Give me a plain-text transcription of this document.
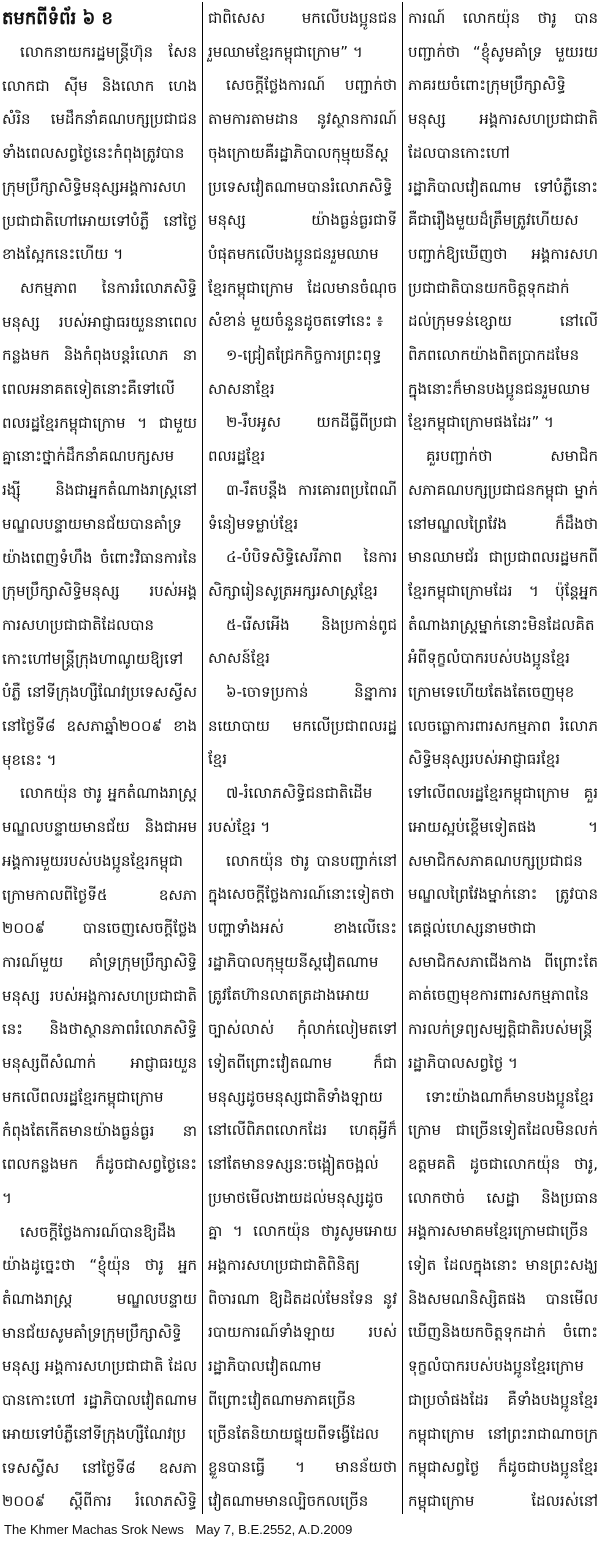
តមកពីទំព័រ ៦ ខ

លោកនាយករដ្ឋមន្ត្រីហ៊ុន សែន លោកជា ស៊ីម និងលោក ហេង សំរិន មេដឹកនាំគណបក្សប្រជាជនទាំងពេលសព្វថ្ងៃនេះកំពុងត្រូវបានក្រុមប្រឹក្សាសិទ្ធិមនុស្សអង្គការសហប្រជាជាតិហៅអោយទៅបំភ្លឺ នៅថ្ងៃខាងស្អែកនេះហើយ ។

សកម្មភាព នៃការរំលោភសិទ្ធិមនុស្ស របស់អាជ្ញាធរយួននាពេលកន្លងមក និងកំពុងបន្តរំលោភ នាពេលអនាគតទៀតនោះគឺទៅលើពលរដ្ឋខ្មែរកម្ពុជាក្រោម ។ ជាមួយគ្នានោះថ្នាក់ដឹកនាំគណបក្សសម រង្ស៊ី និងជាអ្នកតំណាងរាស្ត្រនៅមណ្ឌលបន្ទាយមានជ័យបានគាំទ្រយ៉ាងពេញទំហឹង ចំពោះវិធានការនៃក្រុមប្រឹក្សាសិទ្ធិមនុស្ស របស់អង្គការសហប្រជាជាតិដែលបានកោះហៅមន្ត្រីក្រុងហាណូយឱ្យទៅបំភ្លឺ នៅទីក្រុងហ្សឺណែវប្រទេសស្វីស នៅថ្ងៃទី៨ ឧសភាឆ្នាំ២០០៩ ខាងមុខនេះ ។

លោកយ៉ុន ថារូ អ្នកតំណាងរាស្ត្រ មណ្ឌលបន្ទាយមានជ័យ និងជាអមអង្គការមួយរបស់បងប្អូនខ្មែរកម្ពុជាក្រោមកាលពីថ្ងៃទី៥ ឧសភា ២០០៩ បានចេញសេចក្តីថ្លែងការណ៍មួយ គាំទ្រក្រុមប្រឹក្សាសិទ្ធិមនុស្ស របស់អង្គការសហប្រជាជាតិនេះ និងថាស្ថានភាពរំលោភសិទ្ធិមនុស្សពីសំណាក់ អាជ្ញាធរយួន មកលើពលរដ្ឋខ្មែរកម្ពុជាក្រោម កំពុងតែកើតមានយ៉ាងធ្ងន់ធ្ងរ នាពេលកន្លងមក ក៏ដូចជាសព្វថ្ងៃនេះ ។

សេចក្តីថ្លែងការណ៍បានឱ្យដឹងយ៉ាងដូច្នេះថា “ខ្ញុំយ៉ុន ថារូ អ្នកតំណាងរាស្ត្រ មណ្ឌលបន្ទាយមានជ័យសូមគាំទ្រក្រុមប្រឹក្សាសិទ្ធិមនុស្ស អង្គការសហប្រជាជាតិ ដែលបានកោះហៅ រដ្ឋាភិបាលវៀតណាម អោយទៅបំភ្លឺនៅទីក្រុងហ្សឺណែវប្រទេសស្វីស នៅថ្ងៃទី៨ ឧសភា ២០០៩ ស្តីពីការ រំលោភសិទ្ធិ

ជាពិសេស មកលើបងប្អូនជនរួមឈាមខ្មែរកម្ពុជាក្រោម” ។

សេចក្តីថ្លែងការណ៍ បញ្ជាក់ថា តាមការតាមដាន នូវស្ថានការណ៍ចុងក្រោយគឺរដ្ឋាភិបាលកុម្មុយនីស្ត ប្រទេសវៀតណាមបានរំលោភសិទ្ធិមនុស្ស យ៉ាងធ្ងន់ធ្ងរជាទីបំផុតមកលើបងប្អូនជនរួមឈាមខ្មែរកម្ពុជាក្រោម ដែលមានចំណុចសំខាន់ មួយចំនួនដូចតទៅនេះ ៖

១-ជ្រៀតជ្រែកកិច្ចការព្រះពុទ្ធសាសនាខ្មែរ

២-រឹបអូស យកដីធ្លីពីប្រជាពលរដ្ឋខ្មែរ

៣-រឹតបន្តឹង ការគោរពប្រពៃណី ទំនៀមទម្លាប់ខ្មែរ

៤-បំបិទសិទ្ធិសេរីភាព នៃការសិក្សារៀនសូត្រអក្សរសាស្ត្រខ្មែរ

៥-រើសអើង និងប្រកាន់ពូជសាសន៍ខ្មែរ

៦-ចោទប្រកាន់ និន្នាការនយោបាយ មកលើប្រជាពលរដ្ឋខ្មែរ

៧-រំលោភសិទ្ធិជនជាតិដើមរបស់ខ្មែរ ។

លោកយ៉ុន ថារូ បានបញ្ជាក់នៅក្នុងសេចក្តីថ្លែងការណ៍នោះទៀតថា បញ្ហាទាំងអស់ ខាងលើនេះ រដ្ឋាភិបាលកុម្មុយនីស្តវៀតណាមត្រូវតែហ៊ានលាតត្រដាងអោយច្បាស់លាស់ កុំលាក់លៀមតទៅទៀតពីព្រោះវៀតណាម ក៏ជាមនុស្សដូចមនុស្សជាតិទាំងឡាយ នៅលើពិភពលោកដែរ ហេតុអ្វីក៏នៅតែមានទស្សនៈចង្អៀតចង្អល់ ប្រមាថមើលងាយដល់មនុស្សដូចគ្នា ។ លោកយ៉ុន ថារូសូមអោយអង្គការសហប្រជាជាតិពិនិត្យពិចារណា ឱ្យដិតដល់មែនទែន នូវរបាយការណ៍ទាំងឡាយ របស់រដ្ឋាភិបាលវៀតណាម ពីព្រោះវៀតណាមភាគច្រើន ច្រើនតែនិយាយផ្ទុយពីទង្វើដែលខ្លួនបានធ្វើ ។ មានន័យថា វៀតណាមមានល្បិចកលច្រើន

ការណ៍ លោកយ៉ុន ថារូ បានបញ្ជាក់ថា “ខ្ញុំសូមគាំទ្រ មួយរយភាគរយចំពោះក្រុមប្រឹក្សាសិទ្ធិមនុស្ស អង្គការសហប្រជាជាតិ ដែលបានកោះហៅ រដ្ឋាភិបាលវៀតណាម ទៅបំភ្លឺនោះគឺជារឿងមួយដ៏ត្រឹមត្រូវហើយសបញ្ជាក់ឱ្យឃើញថា អង្គការសហប្រជាជាតិបានយកចិត្តទុកដាក់ ដល់ក្រុមទន់ខ្សោយ នៅលើពិភពលោកយ៉ាងពិតប្រាកដមែន ក្នុងនោះក៏មានបងប្អូនជនរួមឈាមខ្មែរកម្ពុជាក្រោមផងដែរ” ។

គួរបញ្ជាក់ថា សមាជិកសភាគណបក្សប្រជាជនកម្ពុជា ម្នាក់នៅមណ្ឌលព្រៃវែង ក៏ដឹងថាមានឈាមជ័រ ជាប្រជាពលរដ្ឋមកពីខ្មែរកម្ពុជាក្រោមដែរ ។ ប៉ុន្តែអ្នកតំណាងរាស្ត្រម្នាក់នោះមិនដែលគិតអំពីទុក្ខលំបាករបស់បងប្អូនខ្មែរក្រោមទេហើយតែងតែចេញមុខ លេចធ្លោការពារសកម្មភាព រំលោភសិទ្ធិមនុស្សរបស់អាជ្ញាធរខ្មែរ ទៅលើពលរដ្ឋខ្មែរកម្ពុជាក្រោម គួរអោយស្អប់ខ្ពើមទៀតផង ។សមាជិកសភាគណបក្សប្រជាជនមណ្ឌលព្រៃវែងម្នាក់នោះ ត្រូវបានគេផ្តល់ហេស្សនាមថាជាសមាជិកសភាជើងកាង ពីព្រោះតែគាត់ចេញមុខការពារសកម្មភាពនៃការលក់ទ្រព្យសម្បត្តិជាតិរបស់មន្ត្រីរដ្ឋាភិបាលសព្វថ្ងៃ ។

ទោះយ៉ាងណាក៏មានបងប្អូនខ្មែរក្រោម ជាច្រើនទៀតដែលមិនលក់ឧត្តមគតិ ដូចជាលោកយ៉ុន ថារូ, លោកថាច់ សេដ្ឋា និងប្រធានអង្គការសមាគមខ្មែរក្រោមជាច្រើនទៀត ដែលក្នុងនោះ មានព្រះសង្ឃ និងសមណនិស្សិតផង បានមើលឃើញនិងយកចិត្តទុកដាក់ ចំពោះទុក្ខលំបាករបស់បងប្អូនខ្មែរក្រោមជាប្រចាំផងដែរ គឺទាំងបងប្អូនខ្មែរកម្ពុជាក្រោម នៅព្រះរាជាណាចក្រកម្ពុជាសព្វថ្ងៃ ក៏ដូចជាបងប្អូនខ្មែរកម្ពុជាក្រោម ដែលរស់នៅ

The Khmer Machas Srok News May 7, B.E.2552, A.D.2009
